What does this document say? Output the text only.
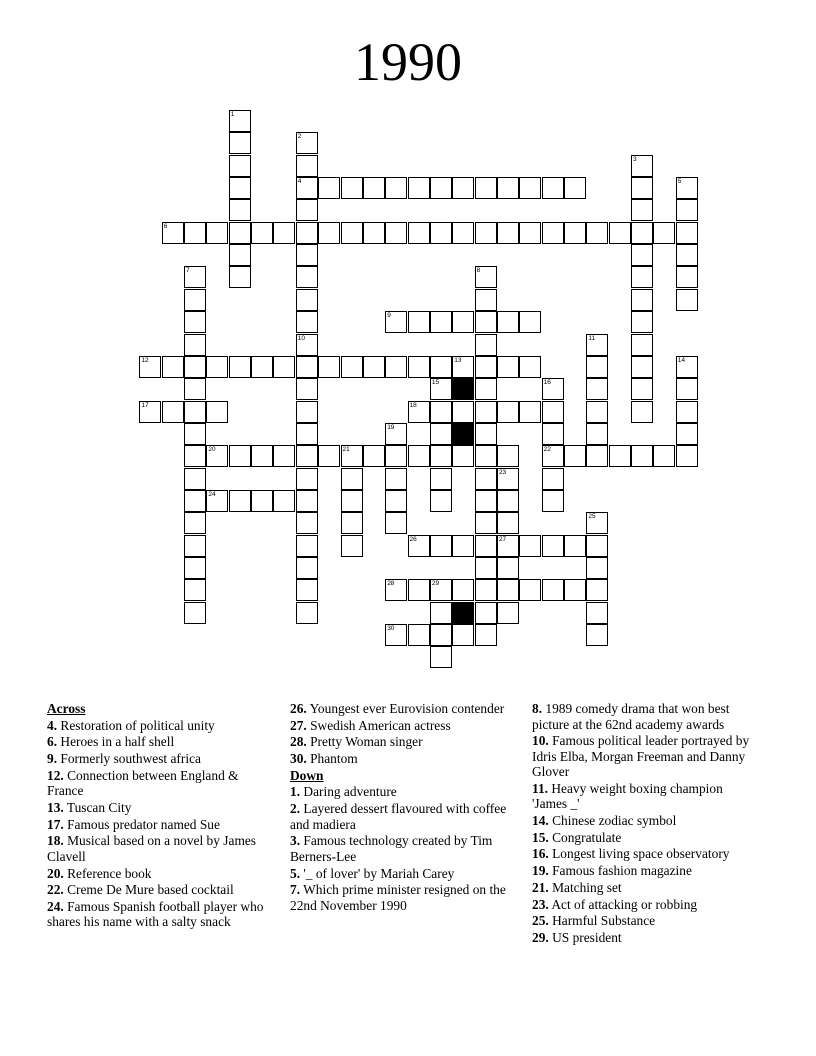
1990
4
6
9
12	13
17	18
20	21	22
24
26	27
28	29
30
1
2
3
5
7	8
10	11
14
15	16
19
23
25
Across
4. Restoration of political unity
6. Heroes in a half shell
9. Formerly southwest africa
12. Connection between England & France
13. Tuscan City
17. Famous predator named Sue
18. Musical based on a novel by James Clavell
20. Reference book
22. Creme De Mure based cocktail
24. Famous Spanish football player who shares his name with a salty snack
26. Youngest ever Eurovision contender
27. Swedish American actress
28. Pretty Woman singer
30. Phantom
Down
1. Daring adventure
2. Layered dessert flavoured with coffee and madiera
3. Famous technology created by Tim Berners-Lee
5. '_ of lover' by Mariah Carey
7. Which prime minister resigned on the 22nd November 1990
8. 1989 comedy drama that won best picture at the 62nd academy awards
10. Famous political leader portrayed by Idris Elba, Morgan Freeman and Danny Glover
11. Heavy weight boxing champion 'James _'
14. Chinese zodiac symbol
15. Congratulate
16. Longest living space observatory
19. Famous fashion magazine
21. Matching set
23. Act of attacking or robbing
25. Harmful Substance
29. US president
